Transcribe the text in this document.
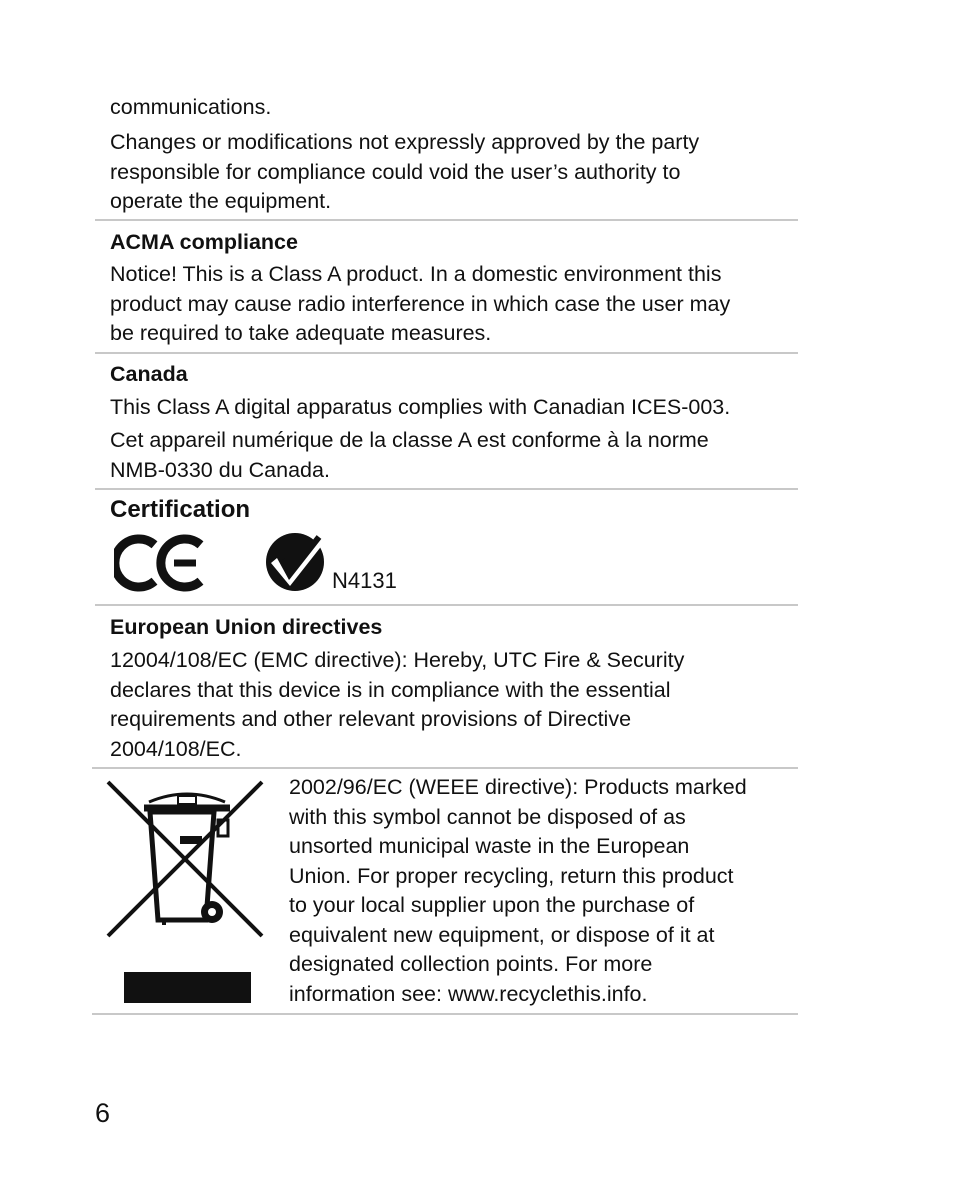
communications.

Changes or modifications not expressly approved by the party
responsible for compliance could void the user’s authority to
operate the equipment.

ACMA compliance

Notice! This is a Class A product. In a domestic environment this
product may cause radio interference in which case the user may
be required to take adequate measures.

Canada

This Class A digital apparatus complies with Canadian ICES-003.

Cet appareil numérique de la classe A est conforme à la norme
NMB-0330 du Canada.

Certification
N4131
European Union directives

12004/108/EC (EMC directive): Hereby, UTC Fire & Security
declares that this device is in compliance with the essential
requirements and other relevant provisions of Directive
2004/108/EC.

2002/96/EC (WEEE directive): Products marked
with this symbol cannot be disposed of as
unsorted municipal waste in the European
Union. For proper recycling, return this product
to your local supplier upon the purchase of
equivalent new equipment, or dispose of it at
designated collection points. For more
information see: www.recyclethis.info.

6
